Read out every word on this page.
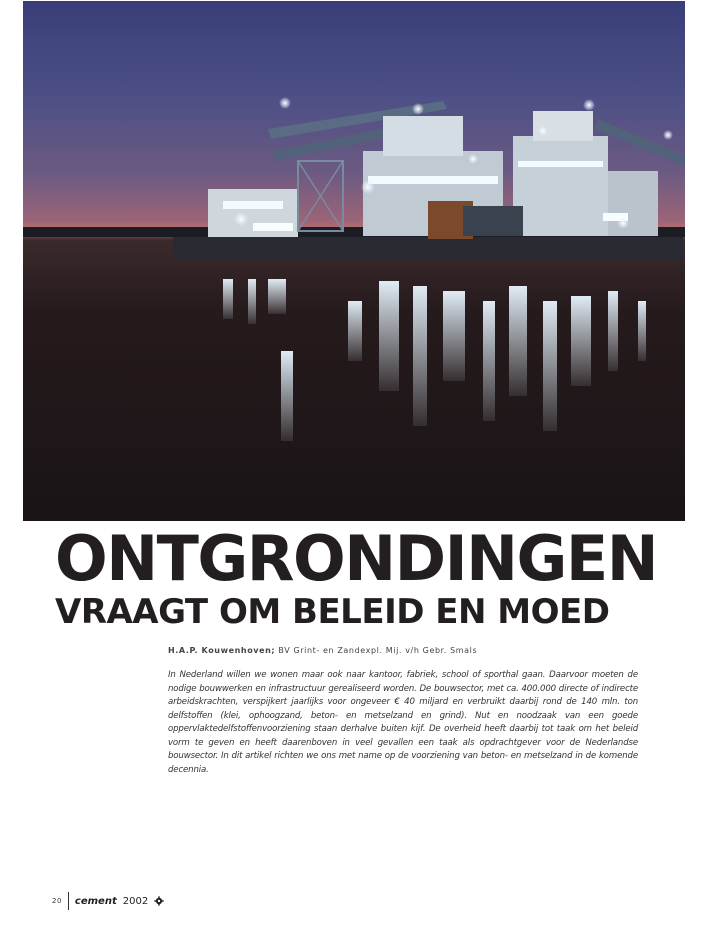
ONTGRONDINGEN
VRAAGT OM BELEID EN MOED
H.A.P. Kouwenhoven; BV Grint- en Zandexpl. Mij. v/h Gebr. Smals
In Nederland willen we wonen maar ook naar kantoor, fabriek, school of sporthal gaan. Daarvoor moeten de nodige bouwwerken en infrastructuur gerealiseerd worden. De bouwsector, met ca. 400.000 directe of indirecte arbeidskrachten, verspijkert jaarlijks voor ongeveer € 40 miljard en verbruikt daarbij rond de 140 mln. ton delfstoffen (klei, ophoogzand, beton- en metselzand en grind). Nut en noodzaak van een goede oppervlaktedelfstoffenvoorziening staan derhalve buiten kijf. De overheid heeft daarbij tot taak om het beleid vorm te geven en heeft daarenboven in veel gevallen een taak als opdrachtgever voor de Nederlandse bouwsector. In dit artikel richten we ons met name op de voorziening van beton- en metselzand in de komende decennia.
20 cement 2002
